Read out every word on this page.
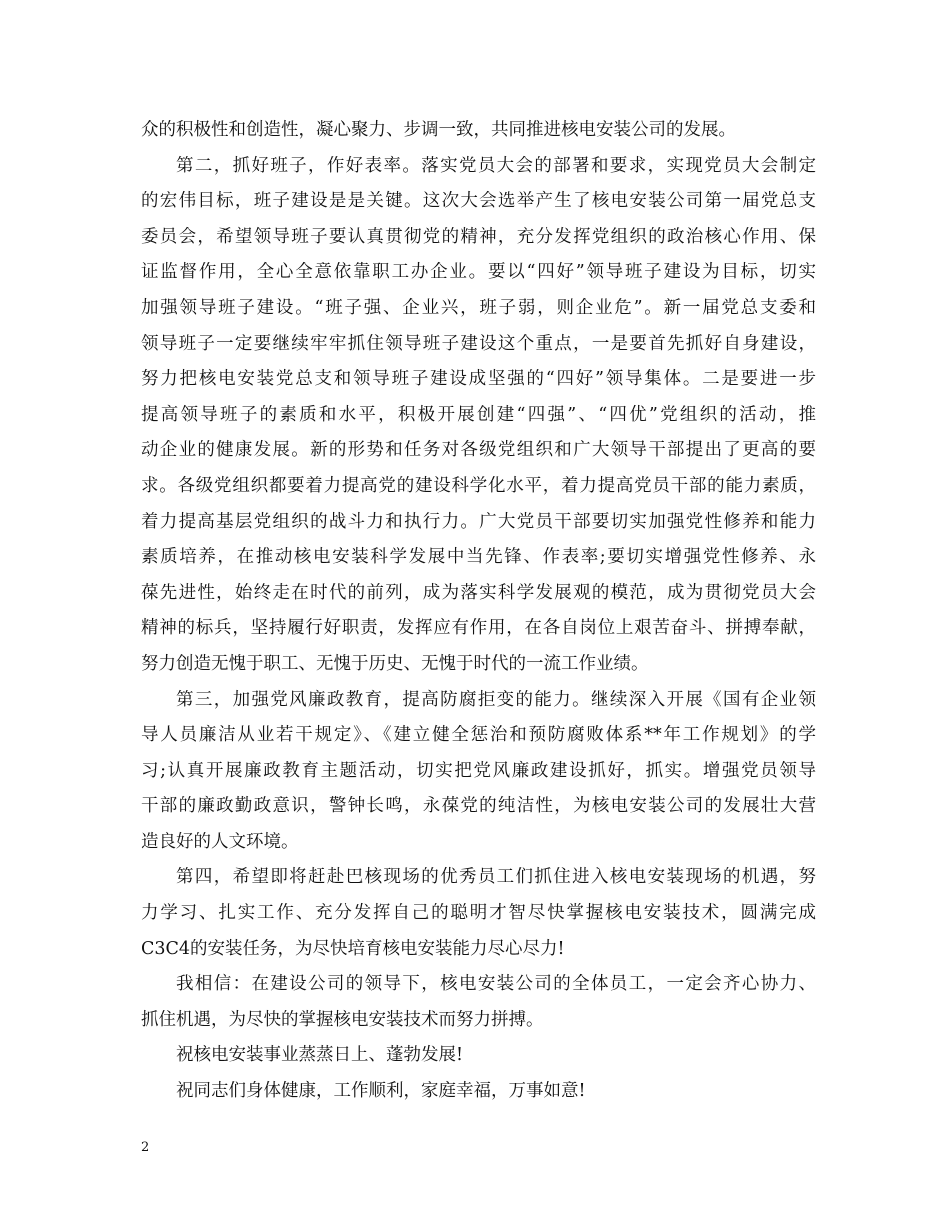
众的积极性和创造性，凝心聚力、步调一致，共同推进核电安装公司的发展。
第二，抓好班子，作好表率。落实党员大会的部署和要求，实现党员大会制定
的宏伟目标，班子建设是是关键。这次大会选举产生了核电安装公司第一届党总支
委员会，希望领导班子要认真贯彻党的精神，充分发挥党组织的政治核心作用、保
证监督作用，全心全意依靠职工办企业。要以“四好”领导班子建设为目标，切实
加强领导班子建设。“班子强、企业兴，班子弱，则企业危”。新一届党总支委和
领导班子一定要继续牢牢抓住领导班子建设这个重点，一是要首先抓好自身建设，
努力把核电安装党总支和领导班子建设成坚强的“四好”领导集体。二是要进一步
提高领导班子的素质和水平，积极开展创建“四强”、“四优”党组织的活动，推
动企业的健康发展。新的形势和任务对各级党组织和广大领导干部提出了更高的要
求。各级党组织都要着力提高党的建设科学化水平，着力提高党员干部的能力素质，
着力提高基层党组织的战斗力和执行力。广大党员干部要切实加强党性修养和能力
素质培养，在推动核电安装科学发展中当先锋、作表率;要切实增强党性修养、永
葆先进性，始终走在时代的前列，成为落实科学发展观的模范，成为贯彻党员大会
精神的标兵，坚持履行好职责，发挥应有作用，在各自岗位上艰苦奋斗、拼搏奉献，
努力创造无愧于职工、无愧于历史、无愧于时代的一流工作业绩。
第三，加强党风廉政教育，提高防腐拒变的能力。继续深入开展《国有企业领
导人员廉洁从业若干规定》、《建立健全惩治和预防腐败体系**年工作规划》的学
习;认真开展廉政教育主题活动，切实把党风廉政建设抓好，抓实。增强党员领导
干部的廉政勤政意识，警钟长鸣，永葆党的纯洁性，为核电安装公司的发展壮大营
造良好的人文环境。
第四，希望即将赶赴巴核现场的优秀员工们抓住进入核电安装现场的机遇，努
力学习、扎实工作、充分发挥自己的聪明才智尽快掌握核电安装技术，圆满完成
C3C4的安装任务，为尽快培育核电安装能力尽心尽力!
我相信：在建设公司的领导下，核电安装公司的全体员工，一定会齐心协力、
抓住机遇，为尽快的掌握核电安装技术而努力拼搏。
祝核电安装事业蒸蒸日上、蓬勃发展!
祝同志们身体健康，工作顺利，家庭幸福，万事如意!
2
